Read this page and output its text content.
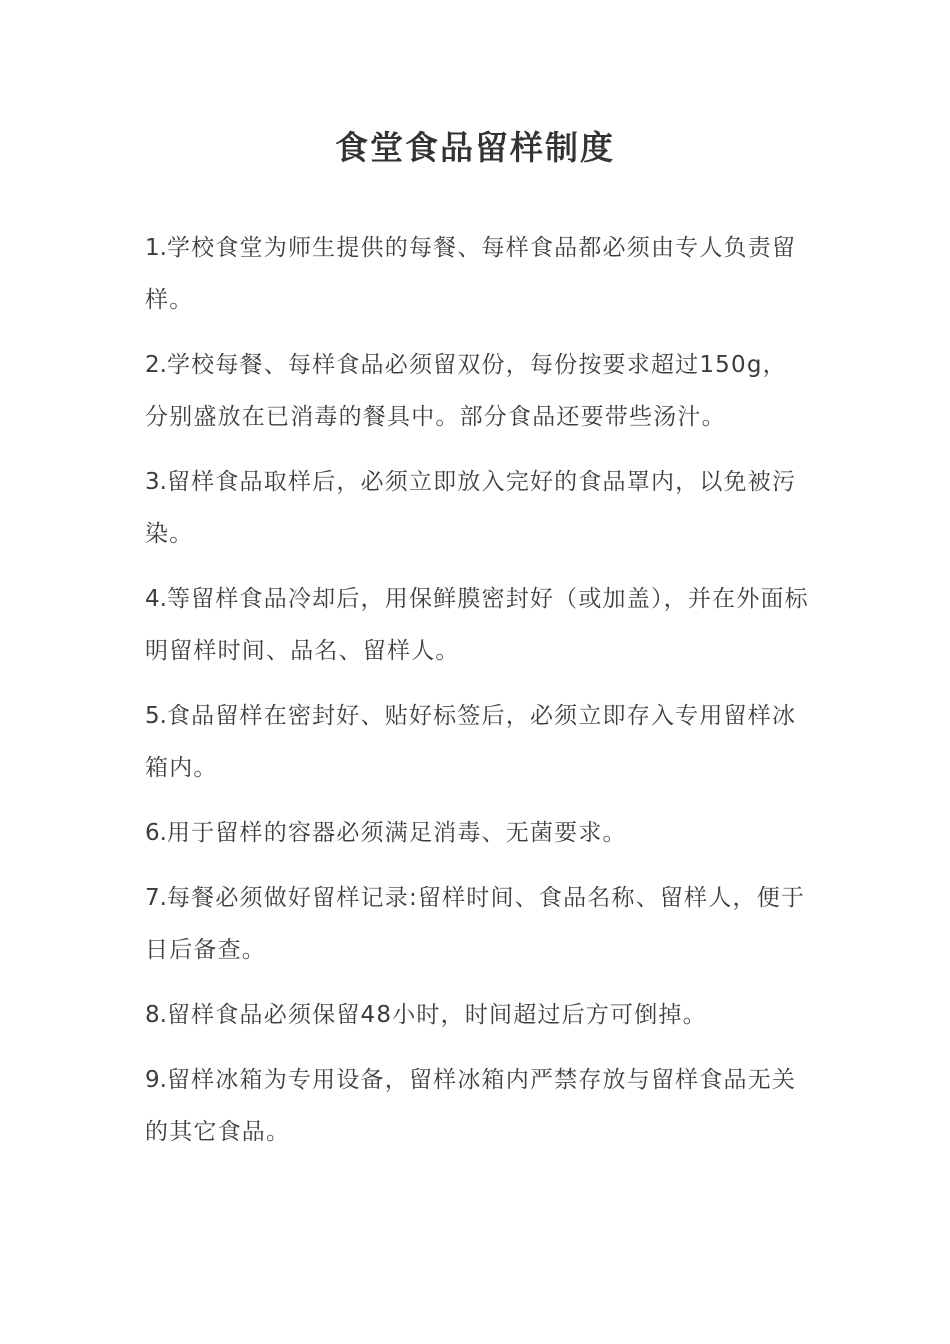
食堂食品留样制度
1.学校食堂为师生提供的每餐、每样食品都必须由专人负责留样。
2.学校每餐、每样食品必须留双份，每份按要求超过150g，分别盛放在已消毒的餐具中。部分食品还要带些汤汁。
3.留样食品取样后，必须立即放入完好的食品罩内，以免被污染。
4.等留样食品冷却后，用保鲜膜密封好（或加盖），并在外面标明留样时间、品名、留样人。
5.食品留样在密封好、贴好标签后，必须立即存入专用留样冰箱内。
6.用于留样的容器必须满足消毒、无菌要求。
7.每餐必须做好留样记录:留样时间、食品名称、留样人，便于日后备查。
8.留样食品必须保留48小时，时间超过后方可倒掉。
9.留样冰箱为专用设备，留样冰箱内严禁存放与留样食品无关的其它食品。
